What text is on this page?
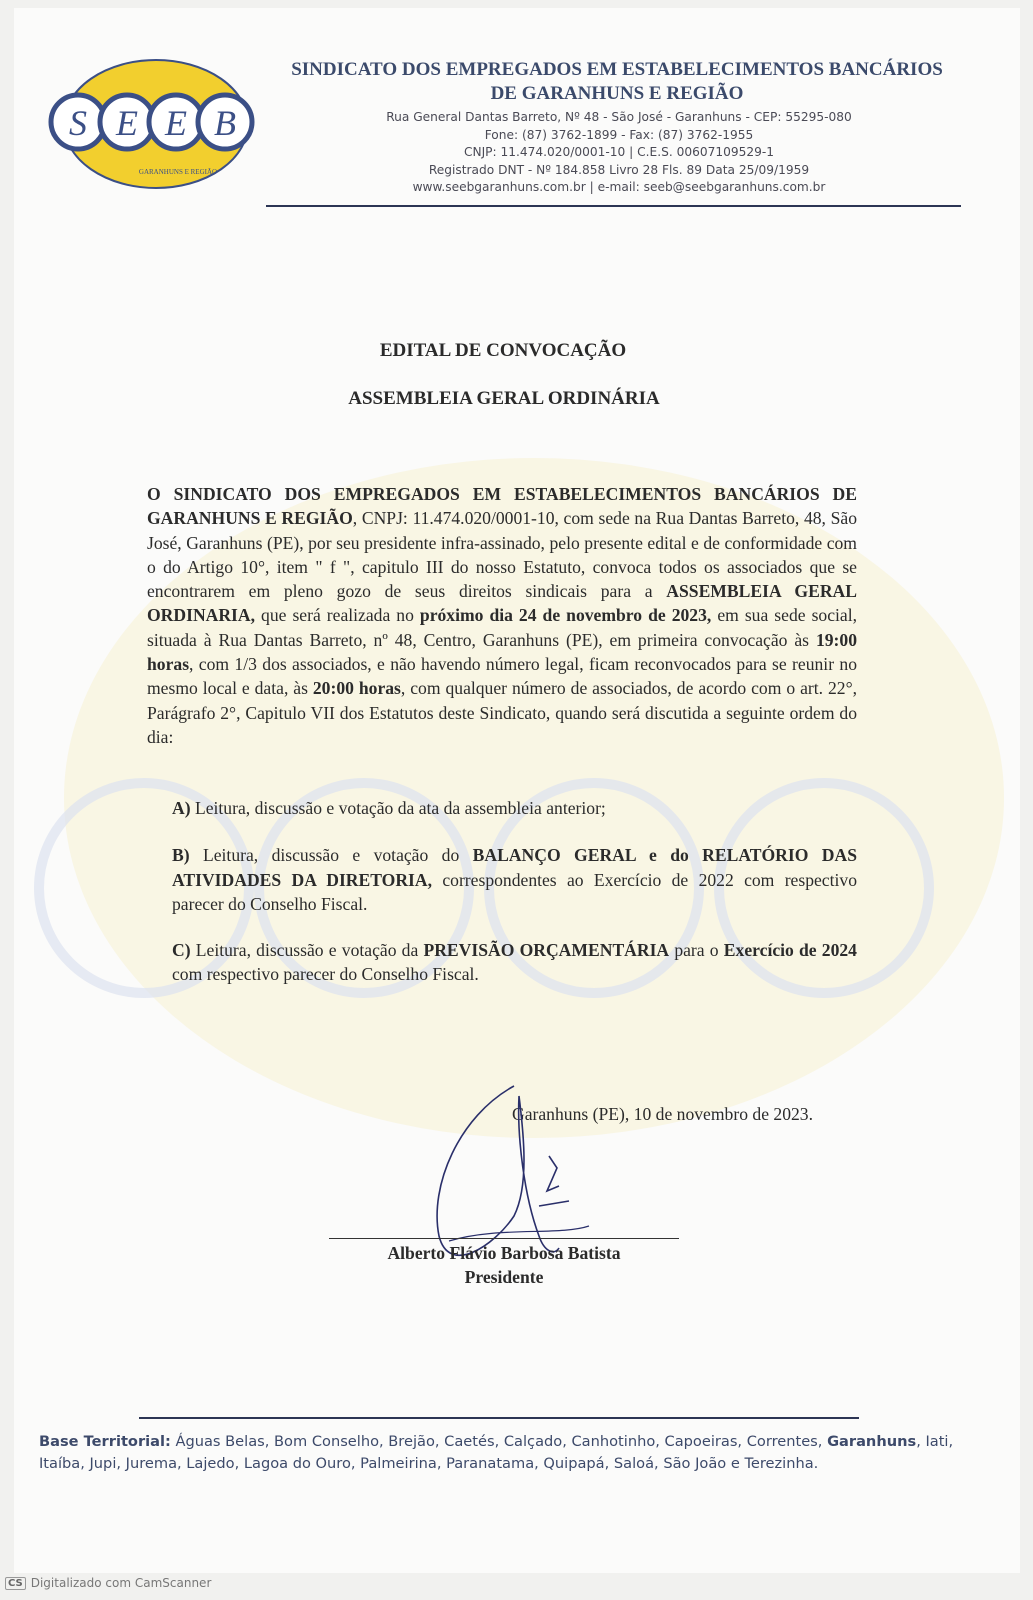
S E E B
GARANHUNS E REGIÃO
SINDICATO DOS EMPREGADOS EM ESTABELECIMENTOS BANCÁRIOS
DE GARANHUNS E REGIÃO
Rua General Dantas Barreto, Nº 48 - São José - Garanhuns - CEP: 55295-080
Fone: (87) 3762-1899 - Fax: (87) 3762-1955
CNJP: 11.474.020/0001-10 | C.E.S. 00607109529-1
Registrado DNT - Nº 184.858 Livro 28 Fls. 89 Data 25/09/1959
www.seebgaranhuns.com.br | e-mail: seeb@seebgaranhuns.com.br
EDITAL DE CONVOCAÇÃO
ASSEMBLEIA GERAL ORDINÁRIA
O SINDICATO DOS EMPREGADOS EM ESTABELECIMENTOS BANCÁRIOS DE GARANHUNS E REGIÃO, CNPJ: 11.474.020/0001-10, com sede na Rua Dantas Barreto, 48, São José, Garanhuns (PE), por seu presidente infra-assinado, pelo presente edital e de conformidade com o do Artigo 10°, item " f ", capitulo III do nosso Estatuto, convoca todos os associados que se encontrarem em pleno gozo de seus direitos sindicais para a ASSEMBLEIA GERAL ORDINARIA, que será realizada no próximo dia 24 de novembro de 2023, em sua sede social, situada à Rua Dantas Barreto, nº 48, Centro, Garanhuns (PE), em primeira convocação às 19:00 horas, com 1/3 dos associados, e não havendo número legal, ficam reconvocados para se reunir no mesmo local e data, às 20:00 horas, com qualquer número de associados, de acordo com o art. 22°, Parágrafo 2°, Capitulo VII dos Estatutos deste Sindicato, quando será discutida a seguinte ordem do dia:

A) Leitura, discussão e votação da ata da assembleia anterior;

B) Leitura, discussão e votação do BALANÇO GERAL e do RELATÓRIO DAS ATIVIDADES DA DIRETORIA, correspondentes ao Exercício de 2022 com respectivo parecer do Conselho Fiscal.

C) Leitura, discussão e votação da PREVISÃO ORÇAMENTÁRIA para o Exercício de 2024 com respectivo parecer do Conselho Fiscal.

Garanhuns (PE), 10 de novembro de 2023.
Alberto Flávio Barbosa Batista
Presidente
Base Territorial: Águas Belas, Bom Conselho, Brejão, Caetés, Calçado, Canhotinho, Capoeiras, Correntes, Garanhuns, Iati, Itaíba, Jupi, Jurema, Lajedo, Lagoa do Ouro, Palmeirina, Paranatama, Quipapá, Saloá, São João e Terezinha.
CS Digitalizado com CamScanner
